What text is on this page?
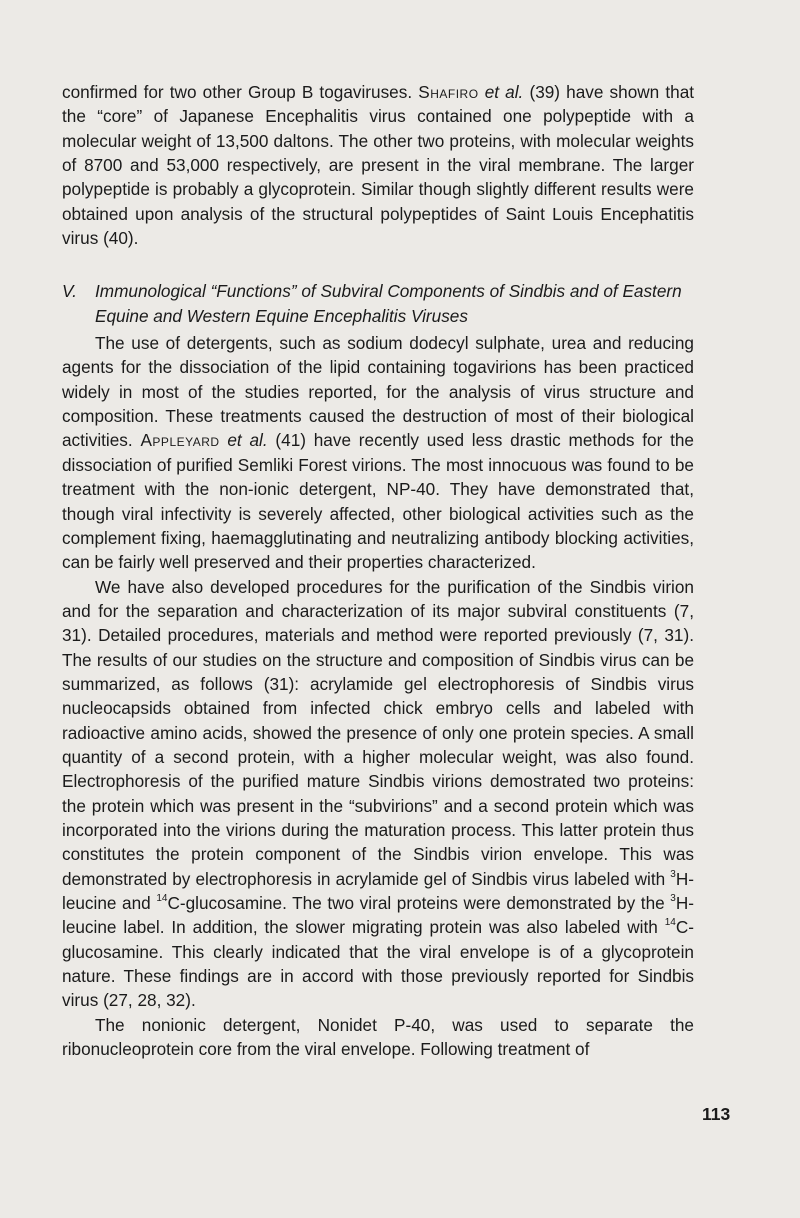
confirmed for two other Group B togaviruses. Shafiro et al. (39) have shown that the “core” of Japanese Encephalitis virus contained one polypeptide with a molecular weight of 13,500 daltons. The other two proteins, with molecular weights of 8700 and 53,000 respectively, are present in the viral membrane. The larger polypeptide is probably a glycoprotein. Similar though slightly different results were obtained upon analysis of the structural polypeptides of Saint Louis Encephatitis virus (40).

V. Immunological “Functions” of Subviral Components of Sindbis and of Eastern Equine and Western Equine Encephalitis Viruses

The use of detergents, such as sodium dodecyl sulphate, urea and reducing agents for the dissociation of the lipid containing togavirions has been practiced widely in most of the studies reported, for the analysis of virus structure and composition. These treatments caused the destruction of most of their biological activities. Appleyard et al. (41) have recently used less drastic methods for the dissociation of purified Semliki Forest virions. The most innocuous was found to be treatment with the non-ionic detergent, NP-40. They have demonstrated that, though viral infectivity is severely affected, other biological activities such as the complement fixing, haemagglutinating and neutralizing antibody blocking activities, can be fairly well preserved and their properties characterized.

We have also developed procedures for the purification of the Sindbis virion and for the separation and characterization of its major subviral constituents (7, 31). Detailed procedures, materials and method were reported previously (7, 31). The results of our studies on the structure and composition of Sindbis virus can be summarized, as follows (31): acrylamide gel electrophoresis of Sindbis virus nucleocapsids obtained from infected chick embryo cells and labeled with radioactive amino acids, showed the presence of only one protein species. A small quantity of a second protein, with a higher molecular weight, was also found. Electrophoresis of the purified mature Sindbis virions demostrated two proteins: the protein which was present in the “subvirions” and a second protein which was incorporated into the virions during the maturation process. This latter protein thus constitutes the protein component of the Sindbis virion envelope. This was demonstrated by electrophoresis in acrylamide gel of Sindbis virus labeled with $^3$H-leucine and $^{14}$C-glucosamine. The two viral proteins were demonstrated by the $^3$H-leucine label. In addition, the slower migrating protein was also labeled with $^{14}$C-glucosamine. This clearly indicated that the viral envelope is of a glycoprotein nature. These findings are in accord with those previously reported for Sindbis virus (27, 28, 32).

The nonionic detergent, Nonidet P-40, was used to separate the ribonucleoprotein core from the viral envelope. Following treatment of

113
